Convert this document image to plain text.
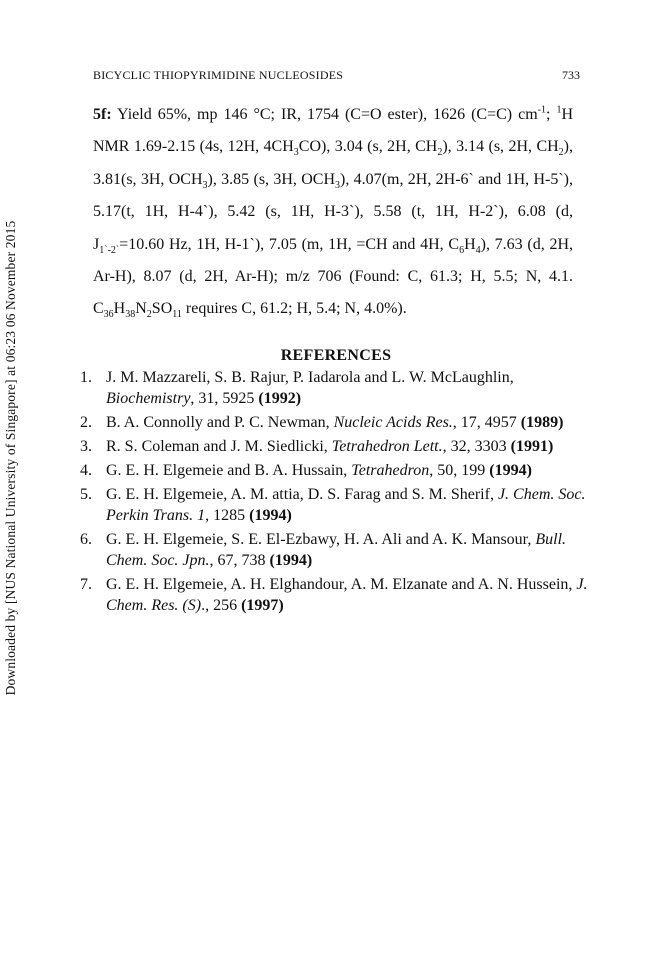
Downloaded by [NUS National University of Singapore] at 06:23 06 November 2015
BICYCLIC THIOPYRIMIDINE NUCLEOSIDES	733
5f: Yield 65%, mp 146 °C; IR, 1754 (C=O ester), 1626 (C=C) $cm^{-1}$; $^1$H NMR 1.69-2.15 (4s, 12H, $4CH_3CO$), 3.04 (s, 2H, $CH_2$), 3.14 (s, 2H, $CH_2$), 3.81(s, 3H, $OCH_3$), 3.85 (s, 3H, $OCH_3$), 4.07(m, 2H, 2H-6` and 1H, H-5`), 5.17(t, 1H, H-4`), 5.42 (s, 1H, H-3`), 5.58 (t, 1H, H-2`), 6.08 (d, $J_{1`-2`}=10.60$ Hz, 1H, H-1`), 7.05 (m, 1H, =CH and 4H, $C_6H_4$), 7.63 (d, 2H, Ar-H), 8.07 (d, 2H, Ar-H); m/z 706 (Found: C, 61.3; H, 5.5; N, 4.1. $C_{36}H_{38}N_2SO_{11}$ requires C, 61.2; H, 5.4; N, 4.0%).
REFERENCES
1. J. M. Mazzareli, S. B. Rajur, P. Iadarola and L. W. McLaughlin, Biochemistry, 31, 5925 (1992)
2. B. A. Connolly and P. C. Newman, Nucleic Acids Res., 17, 4957 (1989)
3. R. S. Coleman and J. M. Siedlicki, Tetrahedron Lett., 32, 3303 (1991)
4. G. E. H. Elgemeie and B. A. Hussain, Tetrahedron, 50, 199 (1994)
5. G. E. H. Elgemeie, A. M. attia, D. S. Farag and S. M. Sherif, J. Chem. Soc. Perkin Trans. 1, 1285 (1994)
6. G. E. H. Elgemeie, S. E. El-Ezbawy, H. A. Ali and A. K. Mansour, Bull. Chem. Soc. Jpn., 67, 738 (1994)
7. G. E. H. Elgemeie, A. H. Elghandour, A. M. Elzanate and A. N. Hussein, J. Chem. Res. (S)., 256 (1997)
